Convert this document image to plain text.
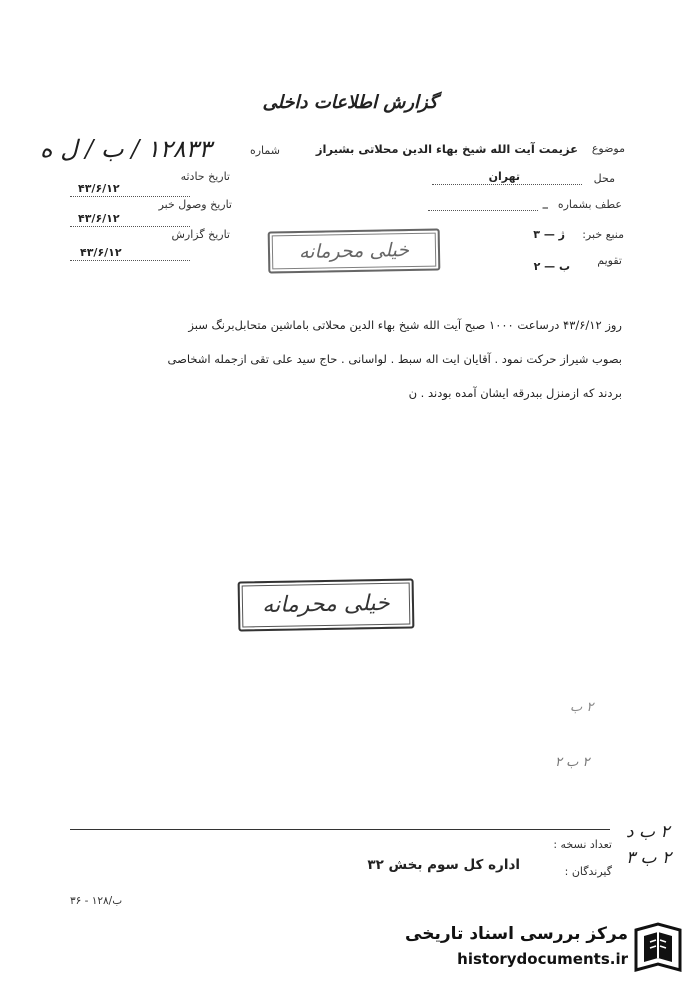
گزارش اطلاعات داخلی
۱۲۸۳۳ / ب / ل ه	شماره
تاریخ حادثه
۴۳/۶/۱۲
تاریخ وصول خبر
۴۳/۶/۱۲
تاریخ گزارش
۴۳/۶/۱۲
موضوع
عزیمت آیت الله شیخ بهاء الدین محلاتی بشیراز
محل
تهران
عطف بشماره
_
منبع خبر:
ژ — ۳
تقویم
ب — ۲
خیلی محرمانه
روز ۴۳/۶/۱۲ درساعت ۱۰۰۰ صبح آیت الله شیخ بهاء الدین محلاتی باماشین متحابل‌برنگ سبز
بصوب شیراز حرکت نمود . آقایان ایت اله سبط . لواسانی . حاج سید علی تقی ازجمله اشخاصی
بردند که ازمنزل ببدرقه ایشان آمده بودند . ن
خیلی محرمانه
۲ ب
۲ ب ۲
تعداد نسخه :
گیرندگان :
اداره کل سوم بخش ۳۲
۲ ب د
۲ ب ۳
ب/۱۲۸ - ۳۶
مرکز بررسی اسناد تاریخی
historydocuments.ir
